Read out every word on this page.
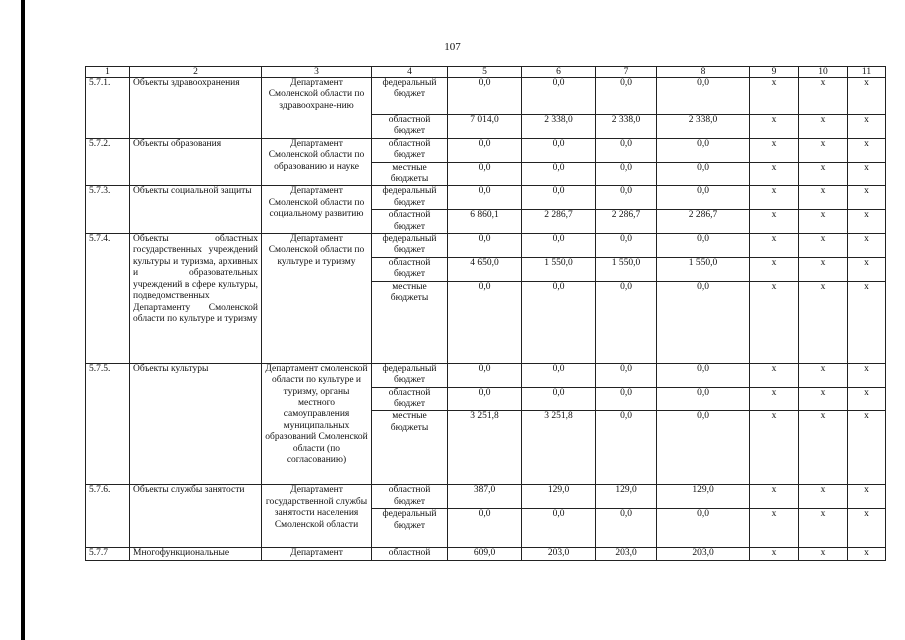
107
1	2	3	4	5	6	7	8	9	10	11
5.7.1.	Объекты здравоохранения	Департамент Смоленской области по здравоохране-нию	федеральный бюджет	0,0	0,0	0,0	0,0	х	х	х
			областной бюджет	7 014,0	2 338,0	2 338,0	2 338,0	х	х	х
5.7.2.	Объекты образования	Департамент Смоленской области по образованию и науке	областной бюджет	0,0	0,0	0,0	0,0	х	х	х
			местные бюджеты	0,0	0,0	0,0	0,0	х	х	х
5.7.3.	Объекты социальной защиты	Департамент Смоленской области по социальному развитию	федеральный бюджет	0,0	0,0	0,0	0,0	х	х	х
			областной бюджет	6 860,1	2 286,7	2 286,7	2 286,7	х	х	х
5.7.4.	Объекты областных государственных учреждений культуры и туризма, архивных и образовательных учреждений в сфере культуры, подведомственных Департаменту Смоленской области по культуре и туризму	Департамент Смоленской области по культуре и туризму	федеральный бюджет	0,0	0,0	0,0	0,0	х	х	х
			областной бюджет	4 650,0	1 550,0	1 550,0	1 550,0	х	х	х
			местные бюджеты	0,0	0,0	0,0	0,0	х	х	х
5.7.5.	Объекты культуры	Департамент смоленской области по культуре и туризму, органы местного самоуправления муниципальных образований Смоленской области (по согласованию)	федеральный бюджет	0,0	0,0	0,0	0,0	х	х	х
			областной бюджет	0,0	0,0	0,0	0,0	х	х	х
			местные бюджеты	3 251,8	3 251,8	0,0	0,0	х	х	х
5.7.6.	Объекты службы занятости	Департамент государственной службы занятости населения Смоленской области	областной бюджет	387,0	129,0	129,0	129,0	х	х	х
			федеральный бюджет	0,0	0,0	0,0	0,0	х	х	х
5.7.7	Многофункциональные	Департамент	областной	609,0	203,0	203,0	203,0	х	х	х
